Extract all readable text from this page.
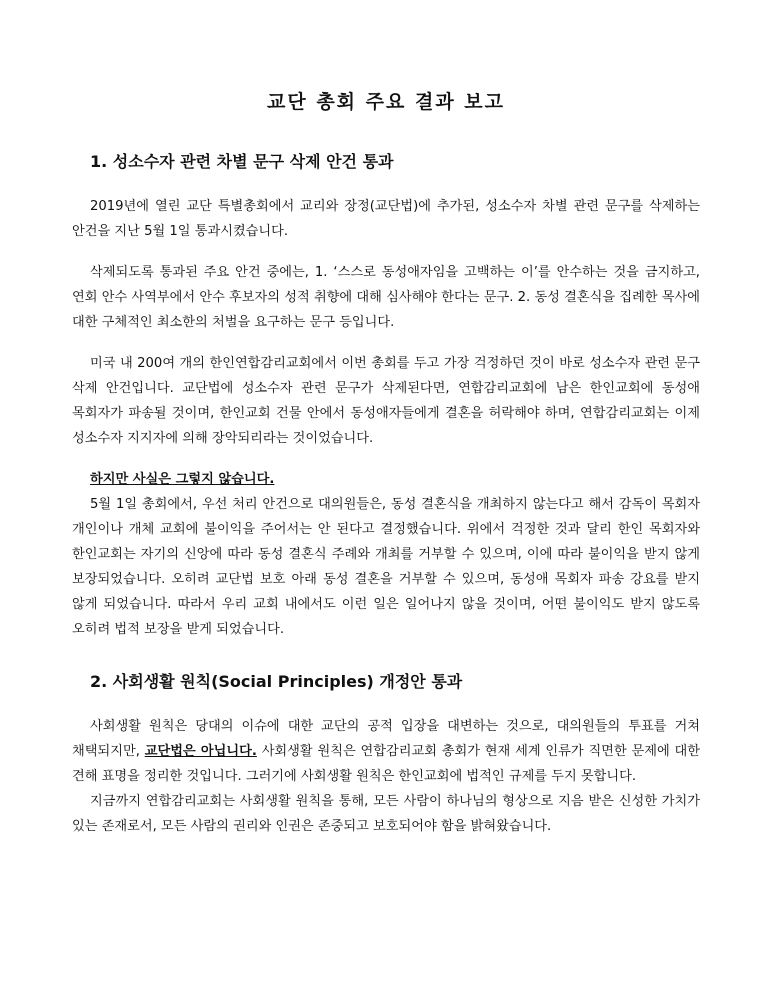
교단 총회 주요 결과 보고
1. 성소수자 관련 차별 문구 삭제 안건 통과

2019년에 열린 교단 특별총회에서 교리와 장정(교단법)에 추가된, 성소수자 차별 관련 문구를 삭제하는 안건을 지난 5월 1일 통과시켰습니다.

삭제되도록 통과된 주요 안건 중에는, 1. ‘스스로 동성애자임을 고백하는 이’를 안수하는 것을 금지하고, 연회 안수 사역부에서 안수 후보자의 성적 취향에 대해 심사해야 한다는 문구. 2. 동성 결혼식을 집례한 목사에 대한 구체적인 최소한의 처벌을 요구하는 문구 등입니다.

미국 내 200여 개의 한인연합감리교회에서 이번 총회를 두고 가장 걱정하던 것이 바로 성소수자 관련 문구 삭제 안건입니다. 교단법에 성소수자 관련 문구가 삭제된다면, 연합감리교회에 남은 한인교회에 동성애 목회자가 파송될 것이며, 한인교회 건물 안에서 동성애자들에게 결혼을 허락해야 하며, 연합감리교회는 이제 성소수자 지지자에 의해 장악되리라는 것이었습니다.

하지만 사실은 그렇지 않습니다.

5월 1일 총회에서, 우선 처리 안건으로 대의원들은, 동성 결혼식을 개최하지 않는다고 해서 감독이 목회자 개인이나 개체 교회에 불이익을 주어서는 안 된다고 결정했습니다. 위에서 걱정한 것과 달리 한인 목회자와 한인교회는 자기의 신앙에 따라 동성 결혼식 주례와 개최를 거부할 수 있으며, 이에 따라 불이익을 받지 않게 보장되었습니다. 오히려 교단법 보호 아래 동성 결혼을 거부할 수 있으며, 동성애 목회자 파송 강요를 받지 않게 되었습니다. 따라서 우리 교회 내에서도 이런 일은 일어나지 않을 것이며, 어떤 불이익도 받지 않도록 오히려 법적 보장을 받게 되었습니다.

2. 사회생활 원칙(Social Principles) 개정안 통과

사회생활 원칙은 당대의 이슈에 대한 교단의 공적 입장을 대변하는 것으로, 대의원들의 투표를 거쳐 채택되지만, 교단법은 아닙니다. 사회생활 원칙은 연합감리교회 총회가 현재 세계 인류가 직면한 문제에 대한 견해 표명을 정리한 것입니다. 그러기에 사회생활 원칙은 한인교회에 법적인 규제를 두지 못합니다.

지금까지 연합감리교회는 사회생활 원칙을 통해, 모든 사람이 하나님의 형상으로 지음 받은 신성한 가치가 있는 존재로서, 모든 사람의 권리와 인권은 존중되고 보호되어야 함을 밝혀왔습니다.
